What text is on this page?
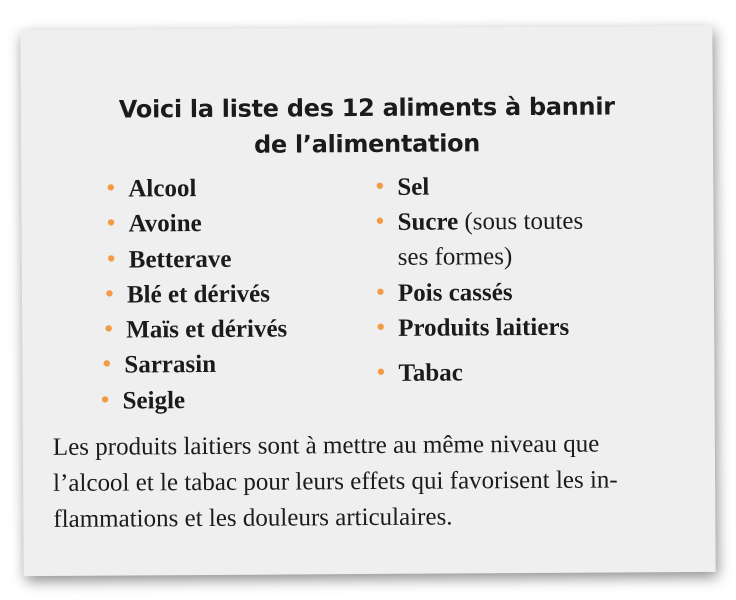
Voici la liste des 12 aliments à bannir
de l’alimentation
• Alcool
• Avoine
• Betterave
• Blé et dérivés
• Maïs et dérivés
• Sarrasin
• Seigle
• Sel
• Sucre (sous toutes
ses formes)
• Pois cassés
• Produits laitiers
• Tabac

Les produits laitiers sont à mettre au même niveau que
l’alcool et le tabac pour leurs effets qui favorisent les in-
flammations et les douleurs articulaires.
